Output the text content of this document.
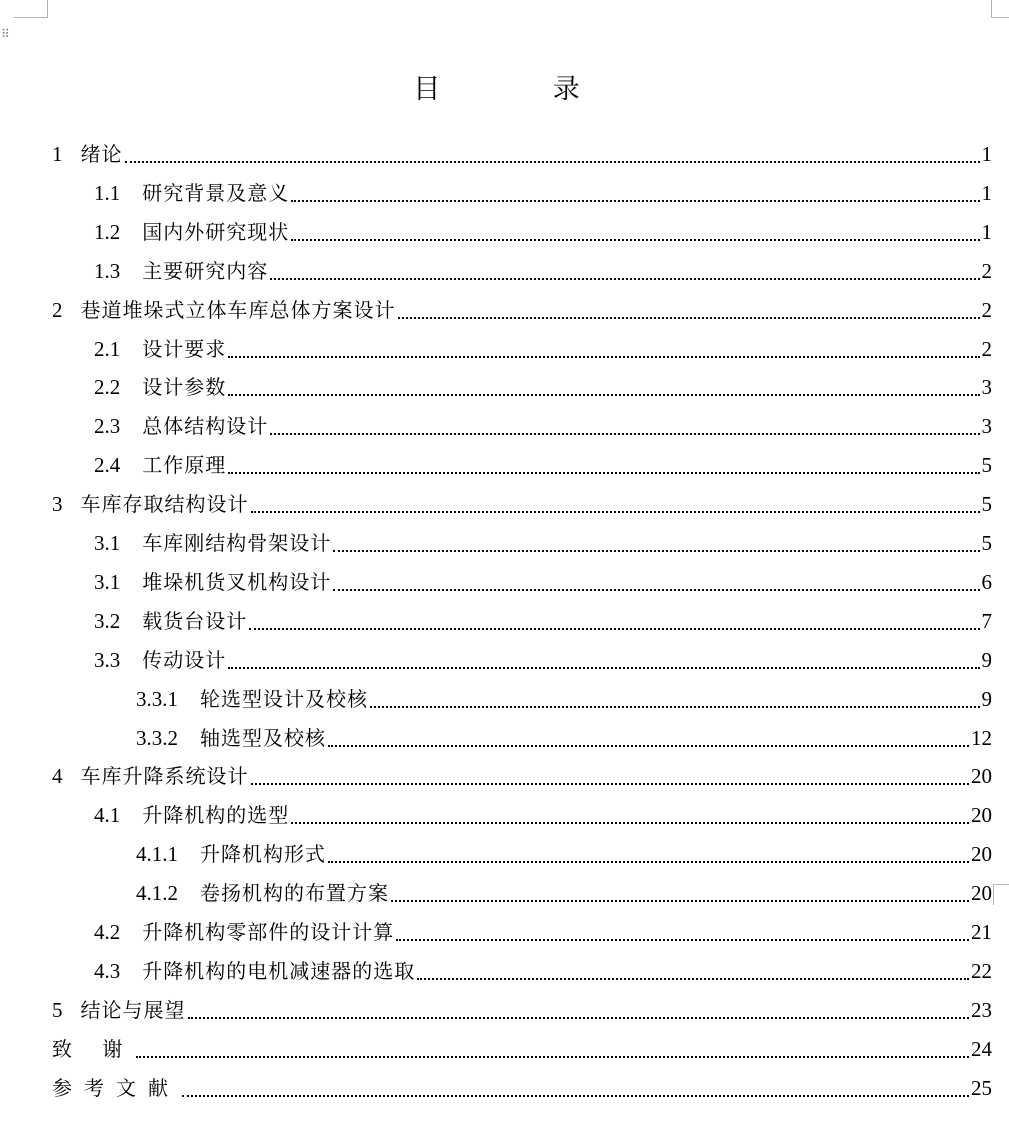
⠿
目 录
1 绪论	1
1.1 研究背景及意义	1
1.2 国内外研究现状	1
1.3 主要研究内容	2
2 巷道堆垛式立体车库总体方案设计	2
2.1 设计要求	2
2.2 设计参数	3
2.3 总体结构设计	3
2.4 工作原理	5
3 车库存取结构设计	5
3.1 车库刚结构骨架设计	5
3.1 堆垛机货叉机构设计	6
3.2 载货台设计	7
3.3 传动设计	9
3.3.1 轮选型设计及校核	9
3.3.2 轴选型及校核	12
4 车库升降系统设计	20
4.1 升降机构的选型	20
4.1.1 升降机构形式	20
4.1.2 卷扬机构的布置方案	20
4.2 升降机构零部件的设计计算	21
4.3 升降机构的电机减速器的选取	22
5 结论与展望	23
致 谢	24
参考文献	25
